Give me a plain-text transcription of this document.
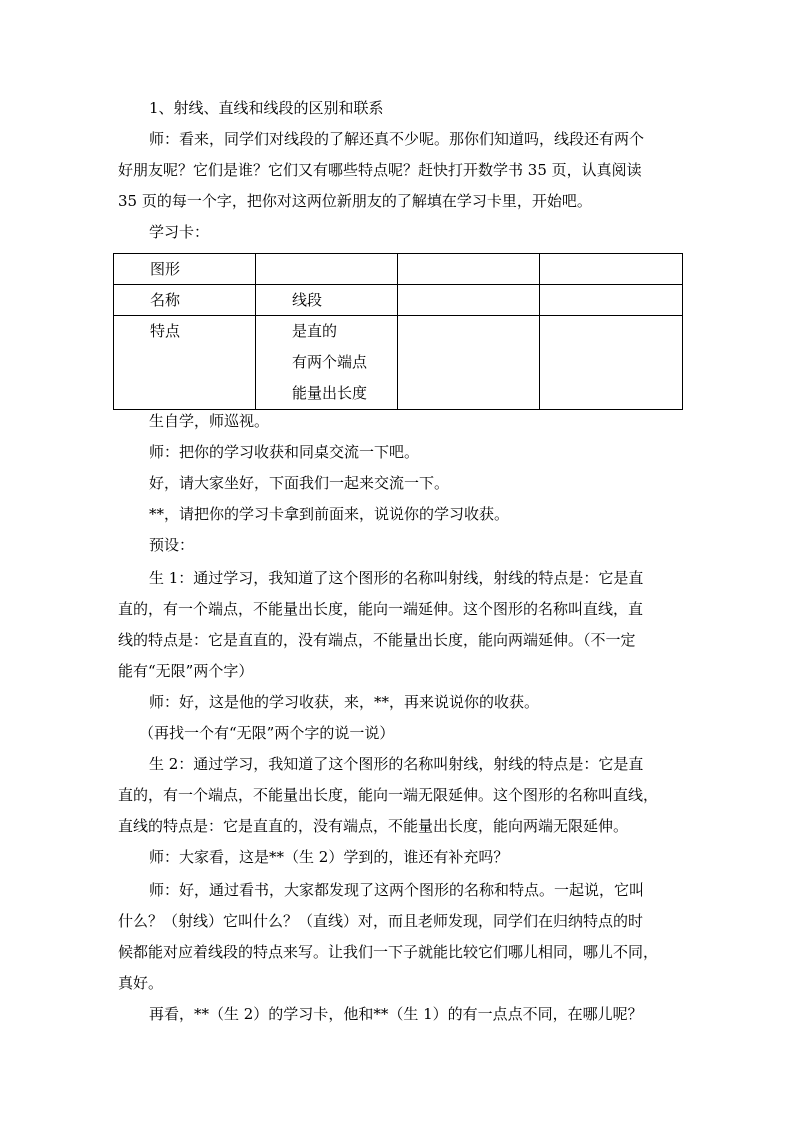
1、射线、直线和线段的区别和联系
师：看来，同学们对线段的了解还真不少呢。那你们知道吗，线段还有两个
好朋友呢？它们是谁？它们又有哪些特点呢？赶快打开数学书 35 页，认真阅读
35 页的每一个字，把你对这两位新朋友的了解填在学习卡里，开始吧。
学习卡：
图形			
名称	线段		
特点	是直的
有两个端点
能量出长度		

生自学，师巡视。
师：把你的学习收获和同桌交流一下吧。
好，请大家坐好，下面我们一起来交流一下。
**，请把你的学习卡拿到前面来，说说你的学习收获。
预设：
生 1：通过学习，我知道了这个图形的名称叫射线，射线的特点是：它是直
直的，有一个端点，不能量出长度，能向一端延伸。这个图形的名称叫直线，直
线的特点是：它是直直的，没有端点，不能量出长度，能向两端延伸。（不一定
能有“无限”两个字）
师：好，这是他的学习收获，来，**，再来说说你的收获。
（再找一个有“无限”两个字的说一说）
生 2：通过学习，我知道了这个图形的名称叫射线，射线的特点是：它是直
直的，有一个端点，不能量出长度，能向一端无限延伸。这个图形的名称叫直线，
直线的特点是：它是直直的，没有端点，不能量出长度，能向两端无限延伸。
师：大家看，这是**（生 2）学到的，谁还有补充吗？
师：好，通过看书，大家都发现了这两个图形的名称和特点。一起说，它叫
什么？（射线）它叫什么？（直线）对，而且老师发现，同学们在归纳特点的时
候都能对应着线段的特点来写。让我们一下子就能比较它们哪儿相同，哪儿不同，
真好。
再看，**（生 2）的学习卡，他和**（生 1）的有一点点不同，在哪儿呢？
